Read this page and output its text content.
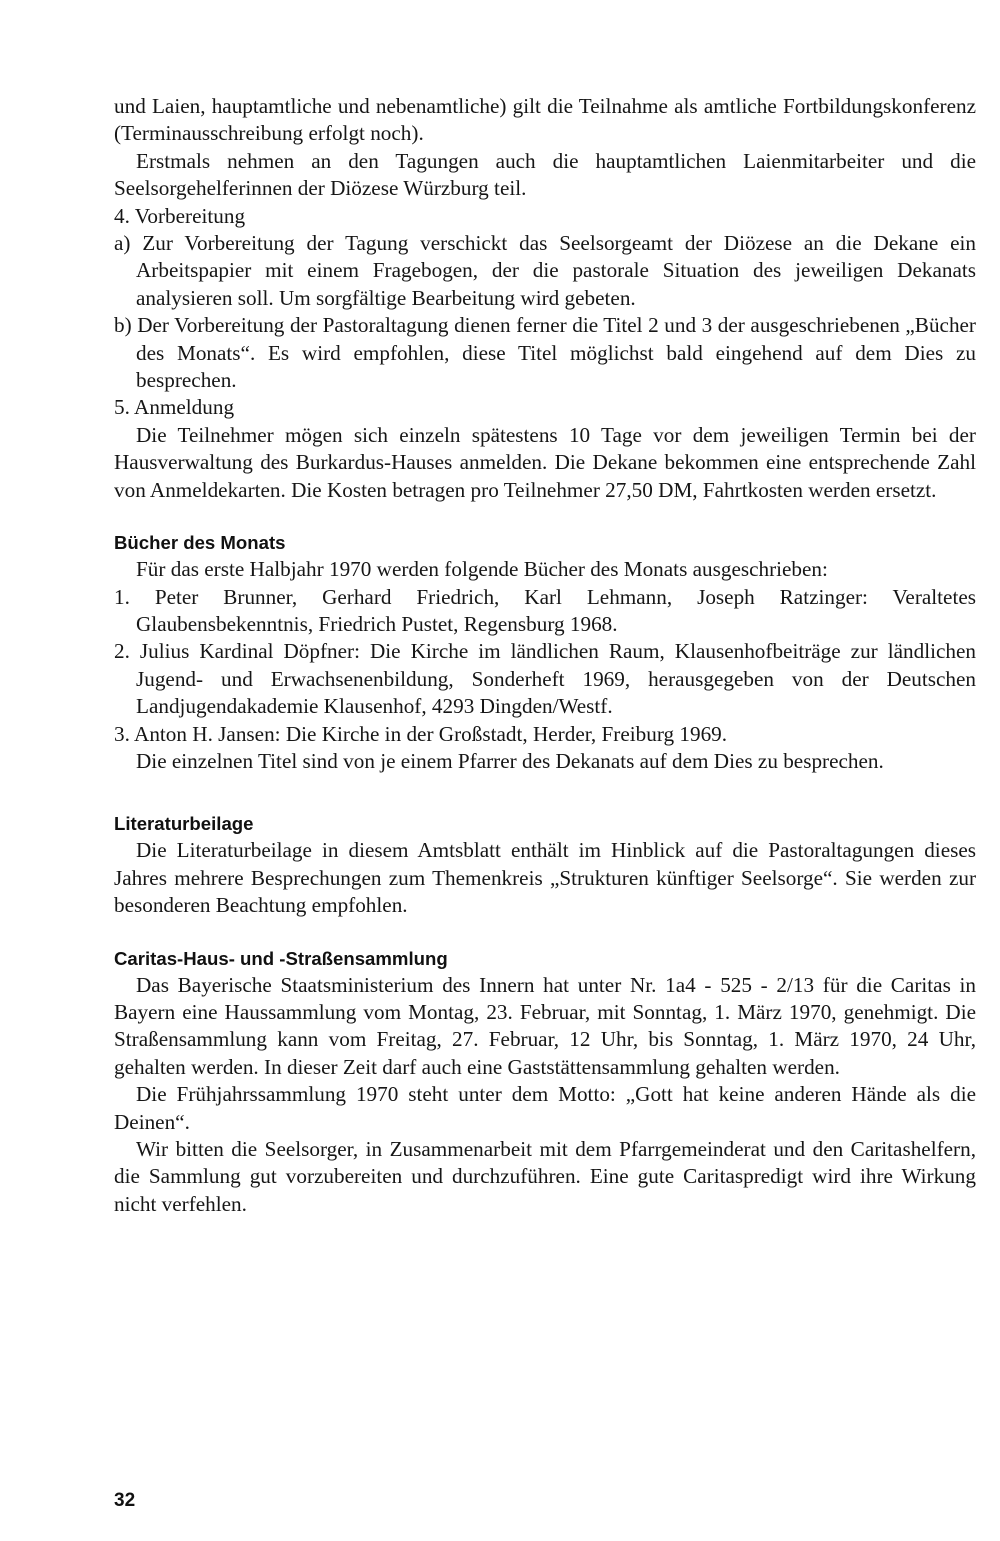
und Laien, hauptamtliche und nebenamtliche) gilt die Teilnahme als amtliche Fortbildungskonferenz (Terminausschreibung erfolgt noch).

Erstmals nehmen an den Tagungen auch die hauptamtlichen Laienmitarbeiter und die Seelsorgehelferinnen der Diözese Würzburg teil.

4. Vorbereitung

a) Zur Vorbereitung der Tagung verschickt das Seelsorgeamt der Diözese an die Dekane ein Arbeitspapier mit einem Fragebogen, der die pastorale Situation des jeweiligen Dekanats analysieren soll. Um sorgfältige Bearbeitung wird gebeten.

b) Der Vorbereitung der Pastoraltagung dienen ferner die Titel 2 und 3 der ausgeschriebenen „Bücher des Monats“. Es wird empfohlen, diese Titel möglichst bald eingehend auf dem Dies zu besprechen.

5. Anmeldung

Die Teilnehmer mögen sich einzeln spätestens 10 Tage vor dem jeweiligen Termin bei der Hausverwaltung des Burkardus-Hauses anmelden. Die Dekane bekommen eine entsprechende Zahl von Anmeldekarten. Die Kosten betragen pro Teilnehmer 27,50 DM, Fahrtkosten werden ersetzt.

Bücher des Monats

Für das erste Halbjahr 1970 werden folgende Bücher des Monats ausgeschrieben:

1. Peter Brunner, Gerhard Friedrich, Karl Lehmann, Joseph Ratzinger: Veraltetes Glaubensbekenntnis, Friedrich Pustet, Regensburg 1968.

2. Julius Kardinal Döpfner: Die Kirche im ländlichen Raum, Klausenhofbeiträge zur ländlichen Jugend- und Erwachsenenbildung, Sonderheft 1969, herausgegeben von der Deutschen Landjugendakademie Klausenhof, 4293 Dingden/Westf.

3. Anton H. Jansen: Die Kirche in der Großstadt, Herder, Freiburg 1969.

Die einzelnen Titel sind von je einem Pfarrer des Dekanats auf dem Dies zu besprechen.

Literaturbeilage

Die Literaturbeilage in diesem Amtsblatt enthält im Hinblick auf die Pastoraltagungen dieses Jahres mehrere Besprechungen zum Themenkreis „Strukturen künftiger Seelsorge“. Sie werden zur besonderen Beachtung empfohlen.

Caritas-Haus- und -Straßensammlung

Das Bayerische Staatsministerium des Innern hat unter Nr. 1a4 - 525 - 2/13 für die Caritas in Bayern eine Haussammlung vom Montag, 23. Februar, mit Sonntag, 1. März 1970, genehmigt. Die Straßensammlung kann vom Freitag, 27. Februar, 12 Uhr, bis Sonntag, 1. März 1970, 24 Uhr, gehalten werden. In dieser Zeit darf auch eine Gaststättensammlung gehalten werden.

Die Frühjahrssammlung 1970 steht unter dem Motto: „Gott hat keine anderen Hände als die Deinen“.

Wir bitten die Seelsorger, in Zusammenarbeit mit dem Pfarrgemeinderat und den Caritashelfern, die Sammlung gut vorzubereiten und durchzuführen. Eine gute Caritaspredigt wird ihre Wirkung nicht verfehlen.

32
